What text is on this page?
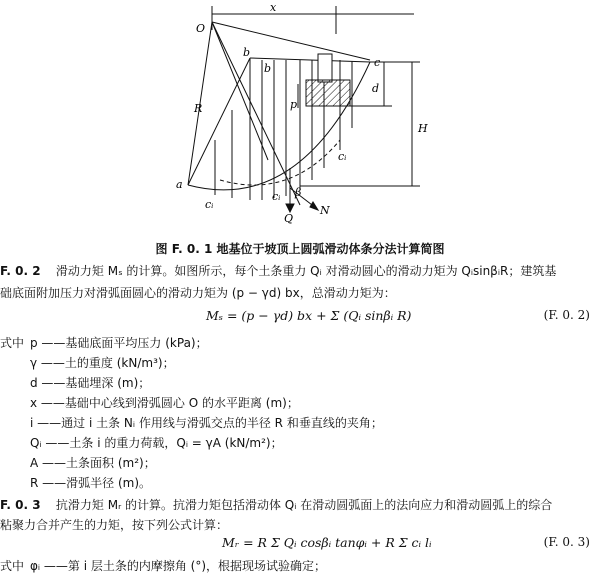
x
O
R
H
d
a
b
b	c
p
Q
N
β
cᵢ
cᵢ
cᵢ
图 F. 0. 1 地基位于坡顶上圆弧滑动体条分法计算简图
F. 0. 2 滑动力矩 Mₛ 的计算。如图所示，每个土条重力 Qᵢ 对滑动圆心的滑动力矩为 QᵢsinβᵢR；建筑基
础底面附加压力对滑弧面圆心的滑动力矩为 (p − γd) bx，总滑动力矩为：
Mₛ = (p − γd) bx + Σ (Qᵢ sinβᵢ R)	(F. 0. 2)
式中 p ——基础底面平均压力 (kPa)；
γ ——土的重度 (kN/m³)；
d ——基础埋深 (m)；
x ——基础中心线到滑弧圆心 O 的水平距离 (m)；
i ——通过 i 土条 Nᵢ 作用线与滑弧交点的半径 R 和垂直线的夹角；
Qᵢ ——土条 i 的重力荷载，Qᵢ = γA (kN/m²)；
A ——土条面积 (m²)；
R ——滑弧半径 (m)。
F. 0. 3 抗滑力矩 Mᵣ 的计算。抗滑力矩包括滑动体 Qᵢ 在滑动圆弧面上的法向应力和滑动圆弧上的综合
粘聚力合并产生的力矩，按下列公式计算：
Mᵣ = R Σ Qᵢ cosβᵢ tanφᵢ + R Σ cᵢ lᵢ	(F. 0. 3)
式中 φᵢ ——第 i 层土条的内摩擦角 (°)，根据现场试验确定；
